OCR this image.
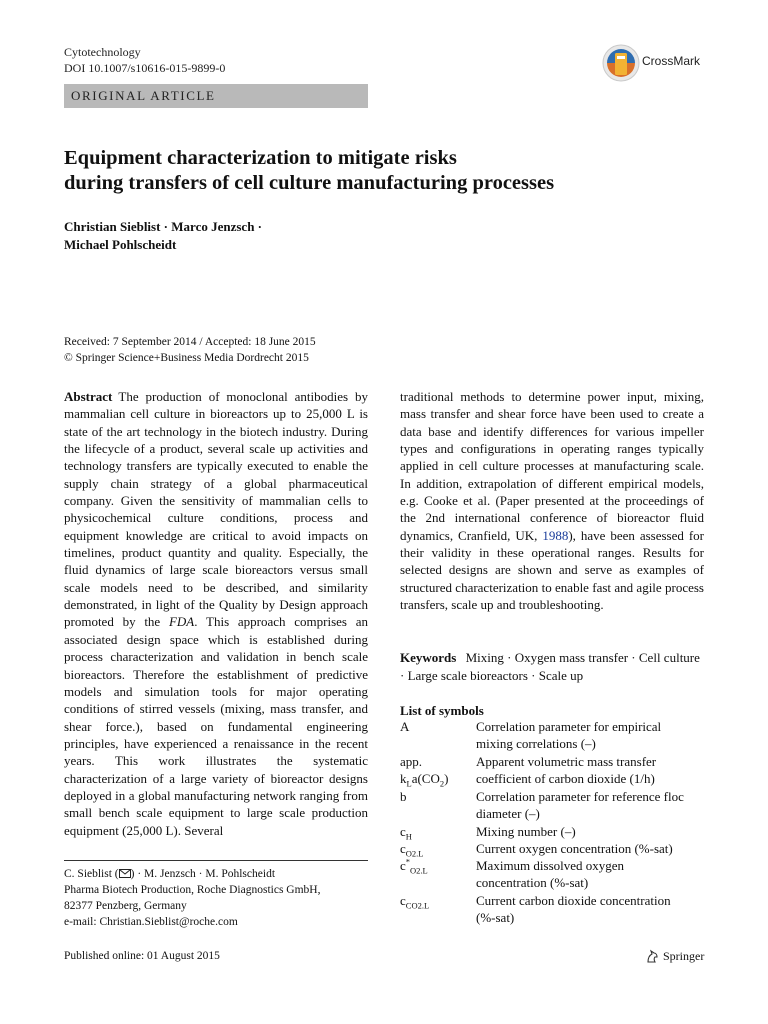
Cytotechnology
DOI 10.1007/s10616-015-9899-0	CrossMark
ORIGINAL ARTICLE
Equipment characterization to mitigate risks
during transfers of cell culture manufacturing processes
Christian Sieblist · Marco Jenzsch ·
Michael Pohlscheidt
Received: 7 September 2014 / Accepted: 18 June 2015
© Springer Science+Business Media Dordrecht 2015

Abstract The production of monoclonal antibodies by mammalian cell culture in bioreactors up to 25,000 L is state of the art technology in the biotech industry. During the lifecycle of a product, several scale up activities and technology transfers are typically executed to enable the supply chain strategy of a global pharmaceutical company. Given the sensitivity of mammalian cells to physicochemical culture conditions, process and equipment knowledge are critical to avoid impacts on timelines, product quantity and quality. Especially, the fluid dynamics of large scale bioreactors versus small scale models need to be described, and similarity demonstrated, in light of the Quality by Design approach promoted by the FDA. This approach comprises an associated design space which is established during process characterization and validation in bench scale bioreactors. Therefore the establishment of predictive models and simulation tools for major operating conditions of stirred vessels (mixing, mass transfer, and shear force.), based on fundamental engineering principles, have experienced a renaissance in the recent years. This work illustrates the systematic characterization of a large variety of bioreactor designs deployed in a global manufacturing network ranging from small bench scale equipment to large scale production equipment (25,000 L). Several

traditional methods to determine power input, mixing, mass transfer and shear force have been used to create a data base and identify differences for various impeller types and configurations in operating ranges typically applied in cell culture processes at manufacturing scale. In addition, extrapolation of different empirical models, e.g. Cooke et al. (Paper presented at the proceedings of the 2nd international conference of bioreactor fluid dynamics, Cranfield, UK, 1988), have been assessed for their validity in these operational ranges. Results for selected designs are shown and serve as examples of structured characterization to enable fast and agile process transfers, scale up and troubleshooting.

Keywords Mixing · Oxygen mass transfer · Cell culture · Large scale bioreactors · Scale up
List of symbols
A	Correlation parameter for empirical
mixing correlations (–)
app.	Apparent volumetric mass transfer
$k_La(CO_2)$	coefficient of carbon dioxide (1/h)
b	Correlation parameter for reference floc
diameter (–)
$c_H$	Mixing number (–)
$c_{O2.L}$	Current oxygen concentration (%-sat)
$c^*_{O2.L}$	Maximum dissolved oxygen
concentration (%-sat)
$c_{CO2.L}$	Current carbon dioxide concentration
(%-sat)
C. Sieblist ( ) · M. Jenzsch · M. Pohlscheidt
Pharma Biotech Production, Roche Diagnostics GmbH,
82377 Penzberg, Germany
e-mail: Christian.Sieblist@roche.com
Published online: 01 August 2015	Springer
